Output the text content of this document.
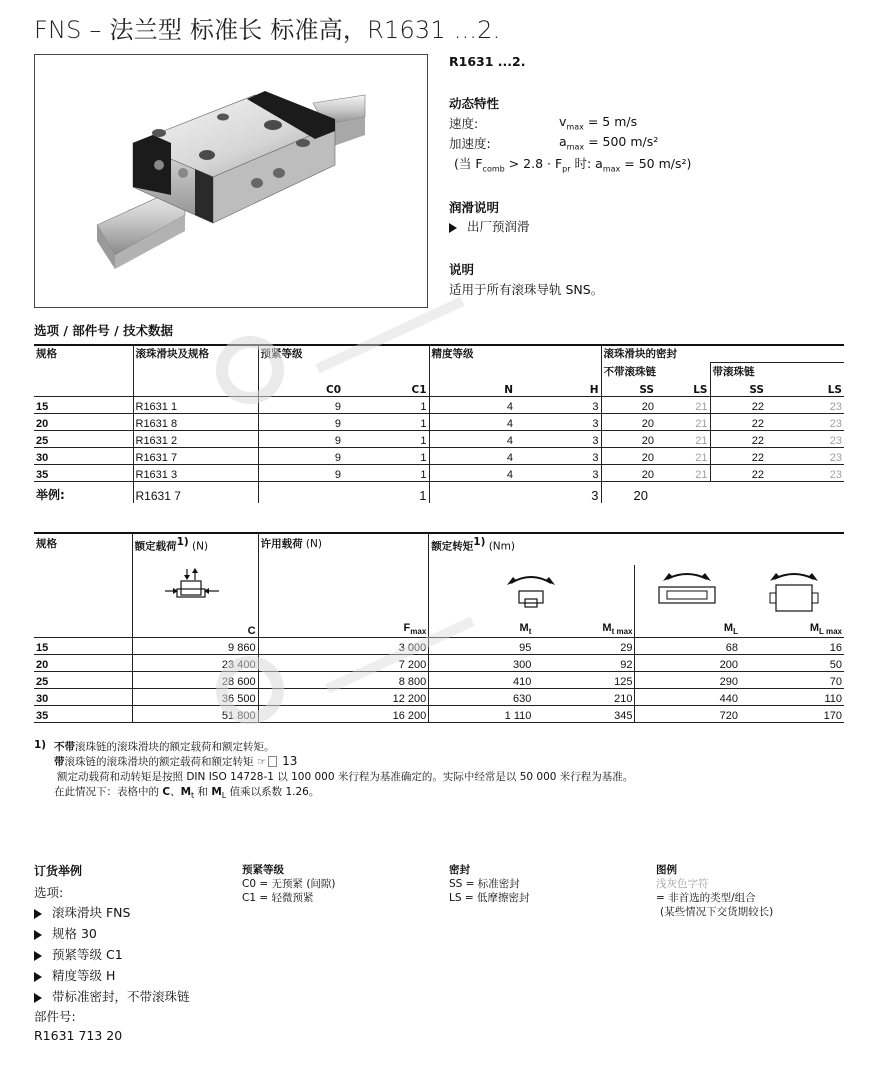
FNS – 法兰型 标准长 标准高，R1631 ...2.
R1631 ...2.
动态特性
速度:	$v_{max} = 5$ m/s
加速度:	$a_{max} = 500$ m/s²
(当 $F_{comb} > 2.8 \cdot F_{pr}$ 时: $a_{max} = 50$ m/s²)
润滑说明
出厂预润滑
说明
适用于所有滚珠导轨 SNS。
选项 / 部件号 / 技术数据
规格	滚珠滑块及规格	预紧等级		精度等级		滚珠滑块的密封			
						不带滚珠链		带滚珠链	
		C0	C1	N	H	SS	LS	SS	LS
15	R1631 1	9	1	4	3	20	21	22	23
20	R1631 8	9	1	4	3	20	21	22	23
25	R1631 2	9	1	4	3	20	21	22	23
30	R1631 7	9	1	4	3	20	21	22	23
35	R1631 3	9	1	4	3	20	21	22	23
举例:	R1631 7		1		3	20			
规格	额定载荷$^{1)}$ (N)	许用载荷 (N)	额定转矩$^{1)}$ (Nm)			

	C	$F_{max}$	$M_t$	$M_{t max}$	$M_L$	$M_{L max}$
15	9 860	3 000	95	29	68	16
20	23 400	7 200	300	92	200	50
25	28 600	8 800	410	125	290	70
30	36 500	12 200	630	210	440	110
35	51 800	16 200	1 110	345	720	170
1) 不带滚珠链的滚珠滑块的额定载荷和额定转矩。
带滚珠链的滚珠滑块的额定载荷和额定转矩 ☞ 13
额定动载荷和动转矩是按照 DIN ISO 14728-1 以 100 000 米行程为基准确定的。实际中经常是以 50 000 米行程为基准。
在此情况下：表格中的 C、$M_t$ 和 $M_L$ 值乘以系数 1.26。
订货举例
选项:
滚珠滑块 FNS
规格 30
预紧等级 C1
精度等级 H
带标准密封，不带滚珠链
部件号:
R1631 713 20
预紧等级
C0 = 无预紧 (间隙)
C1 = 轻微预紧
密封
SS = 标准密封
LS = 低摩擦密封
图例
浅灰色字符
= 非首选的类型/组合
(某些情况下交货期较长)
